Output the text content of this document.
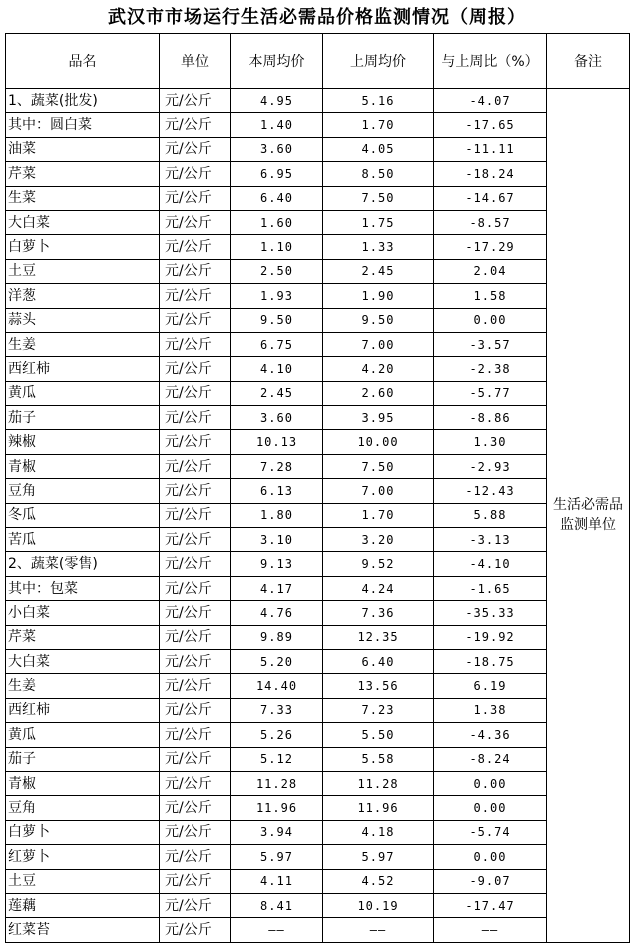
武汉市市场运行生活必需品价格监测情况（周报）
品名	单位	本周均价	上周均价	与上周比（%）	备注
1、蔬菜(批发)	元/公斤	4.95	5.16	-4.07	生活必需品监测单位
其中：圆白菜	元/公斤	1.40	1.70	-17.65	
油菜	元/公斤	3.60	4.05	-11.11	
芹菜	元/公斤	6.95	8.50	-18.24	
生菜	元/公斤	6.40	7.50	-14.67	
大白菜	元/公斤	1.60	1.75	-8.57	
白萝卜	元/公斤	1.10	1.33	-17.29	
土豆	元/公斤	2.50	2.45	2.04	
洋葱	元/公斤	1.93	1.90	1.58	
蒜头	元/公斤	9.50	9.50	0.00	
生姜	元/公斤	6.75	7.00	-3.57	
西红柿	元/公斤	4.10	4.20	-2.38	
黄瓜	元/公斤	2.45	2.60	-5.77	
茄子	元/公斤	3.60	3.95	-8.86	
辣椒	元/公斤	10.13	10.00	1.30	
青椒	元/公斤	7.28	7.50	-2.93	
豆角	元/公斤	6.13	7.00	-12.43	
冬瓜	元/公斤	1.80	1.70	5.88	
苦瓜	元/公斤	3.10	3.20	-3.13	
2、蔬菜(零售)	元/公斤	9.13	9.52	-4.10	
其中：包菜	元/公斤	4.17	4.24	-1.65	
小白菜	元/公斤	4.76	7.36	-35.33	
芹菜	元/公斤	9.89	12.35	-19.92	
大白菜	元/公斤	5.20	6.40	-18.75	
生姜	元/公斤	14.40	13.56	6.19	
西红柿	元/公斤	7.33	7.23	1.38	
黄瓜	元/公斤	5.26	5.50	-4.36	
茄子	元/公斤	5.12	5.58	-8.24	
青椒	元/公斤	11.28	11.28	0.00	
豆角	元/公斤	11.96	11.96	0.00	
白萝卜	元/公斤	3.94	4.18	-5.74	
红萝卜	元/公斤	5.97	5.97	0.00	
土豆	元/公斤	4.11	4.52	-9.07	
莲藕	元/公斤	8.41	10.19	-17.47	
红菜苔	元/公斤	——	——	——	
